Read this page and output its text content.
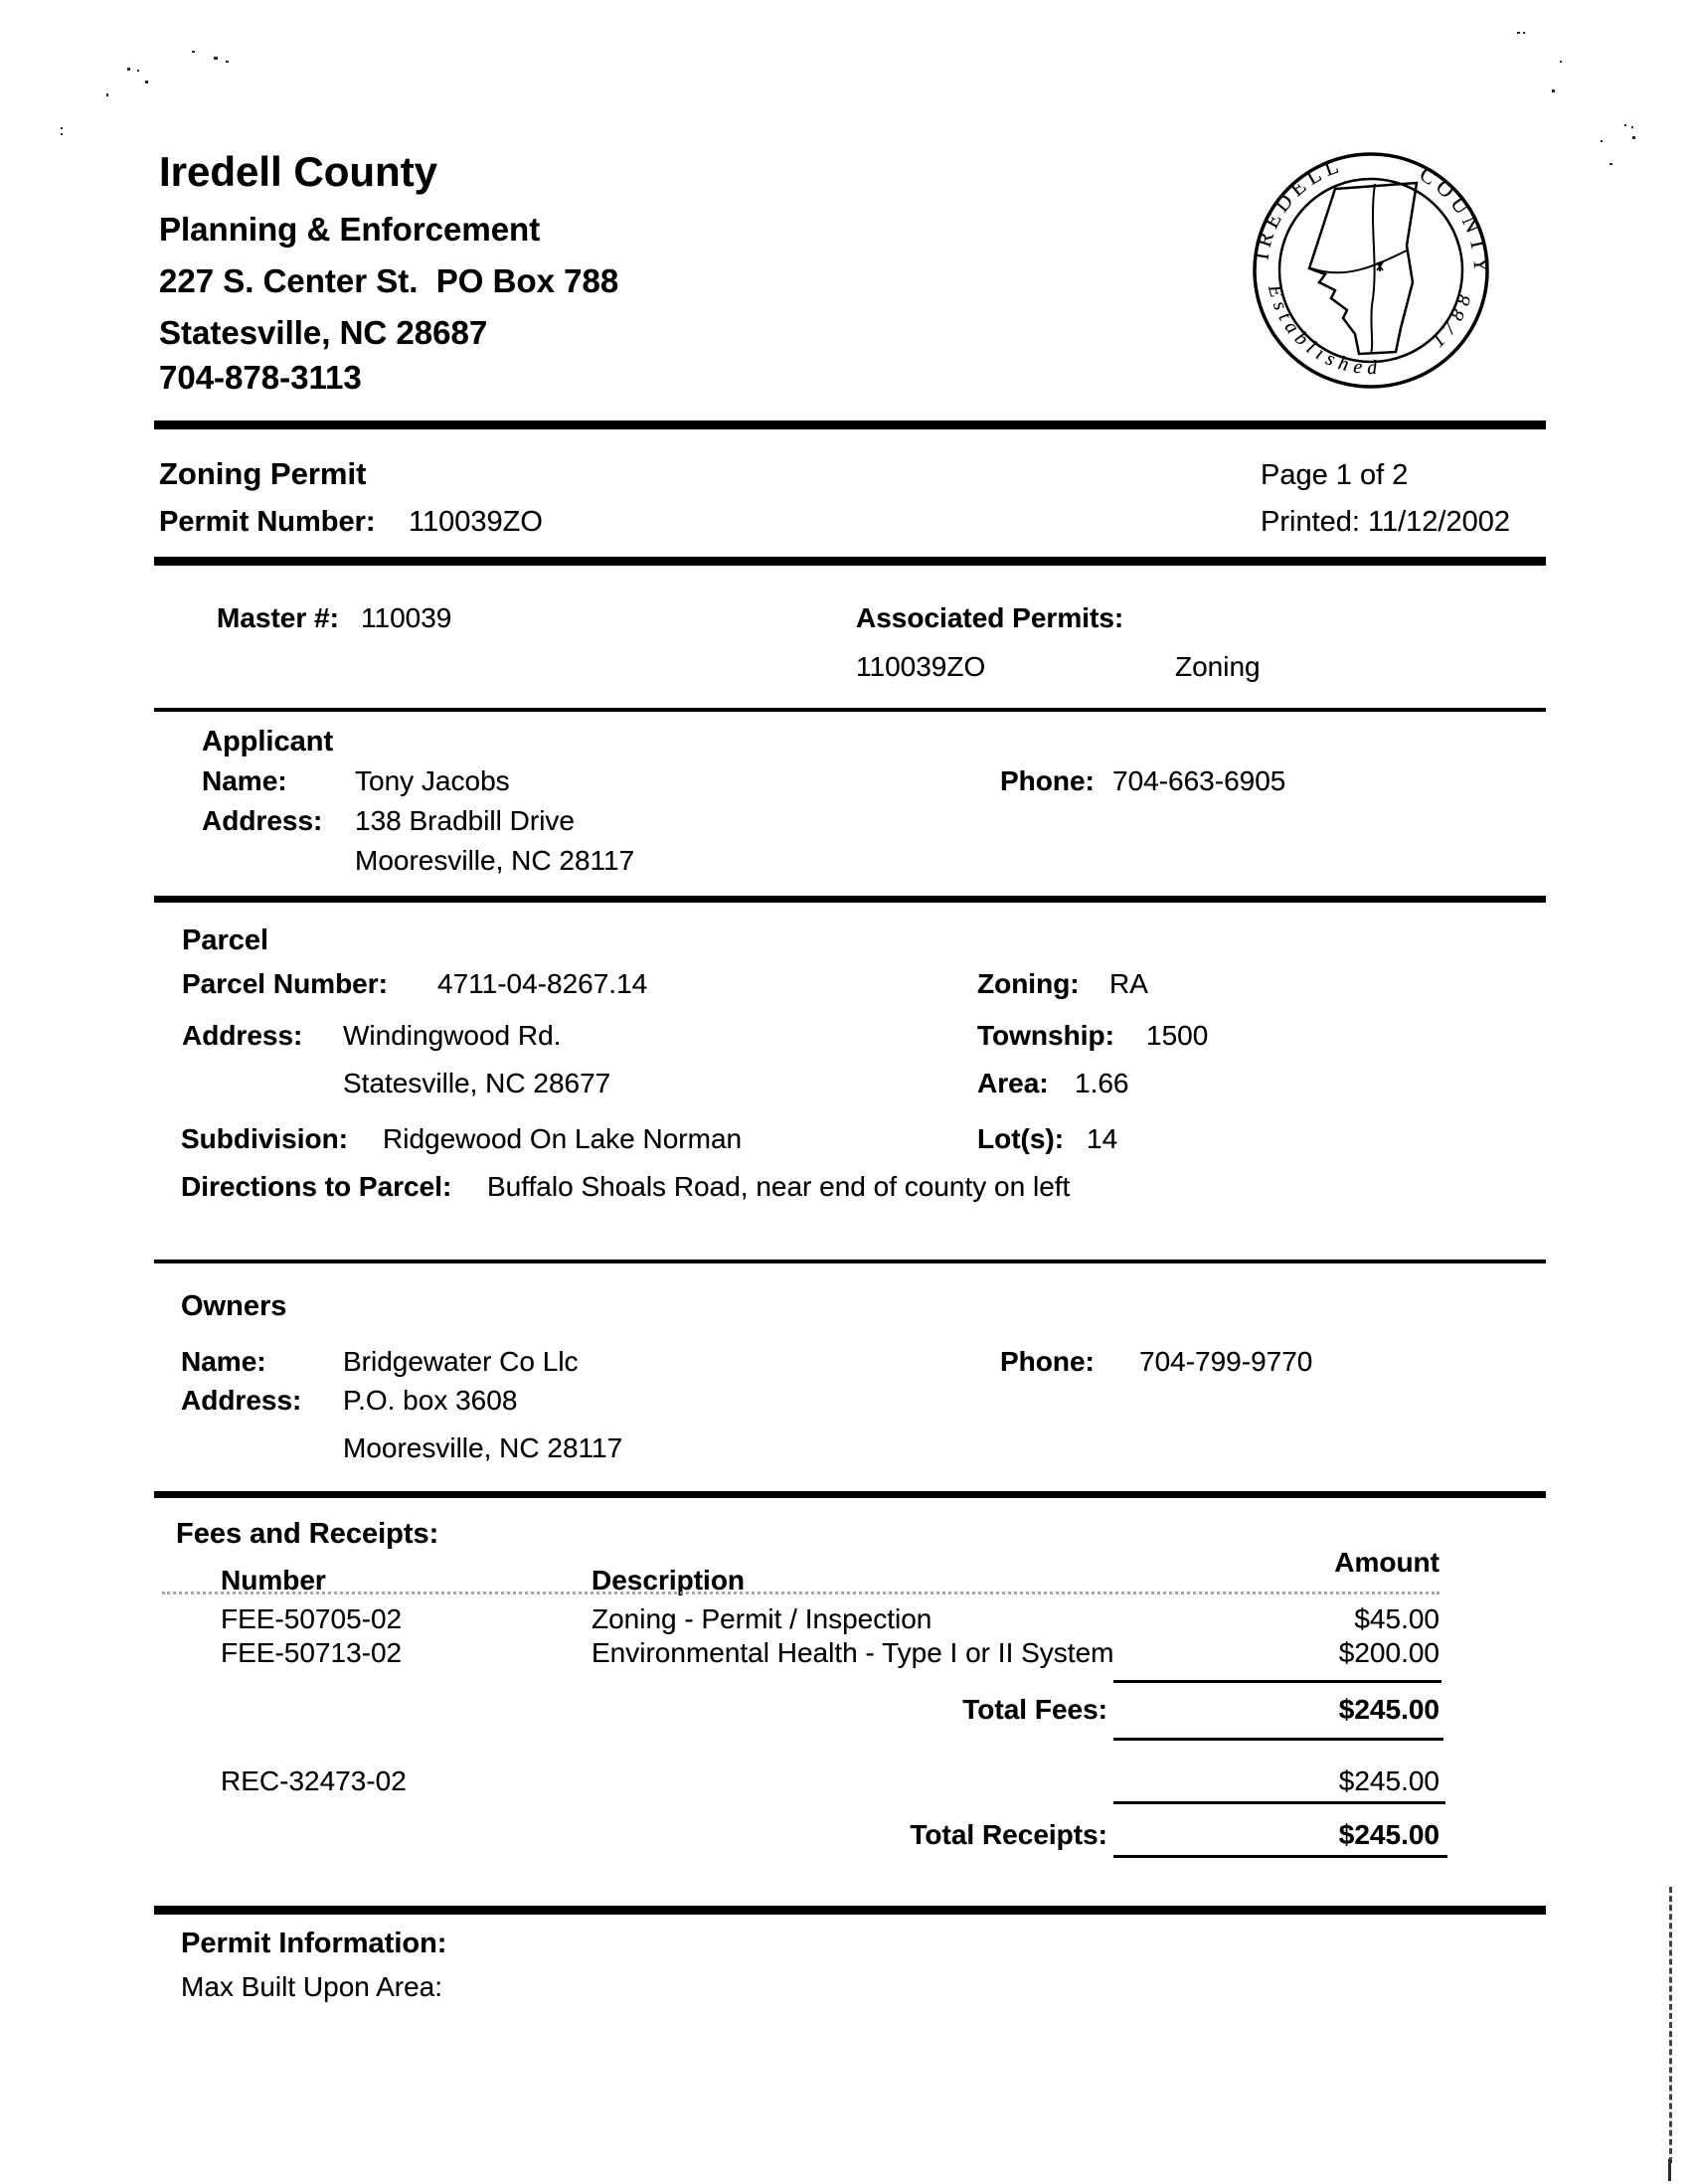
Iredell County
Planning & Enforcement
227 S. Center St.  PO Box 788
Statesville, NC 28687
704-878-3113
IREDELL	COUNTY
Established
1788
Zoning Permit	Page 1 of 2
Permit Number: 110039ZO	Printed: 11/12/2002
Master #: 110039	Associated Permits:
110039ZO	Zoning
Applicant
Name: Tony Jacobs	Phone: 704-663-6905
Address: 138 Bradbill Drive
Mooresville, NC 28117
Parcel
Parcel Number: 4711-04-8267.14	Zoning: RA
Address: Windingwood Rd.	Township: 1500
Statesville, NC 28677	Area: 1.66
Subdivision: Ridgewood On Lake Norman	Lot(s): 14
Directions to Parcel: Buffalo Shoals Road, near end of county on left
Owners
Name:	Bridgewater Co Llc	Phone: 704-799-9770
Address: P.O. box 3608
Mooresville, NC 28117
Fees and Receipts:
Amount
Number	Description
FEE-50705-02	Zoning - Permit / Inspection	$45.00
FEE-50713-02	Environmental Health - Type I or II System	$200.00
Total Fees:	$245.00
REC-32473-02	$245.00
Total Receipts:	$245.00
Permit Information:
Max Built Upon Area:
